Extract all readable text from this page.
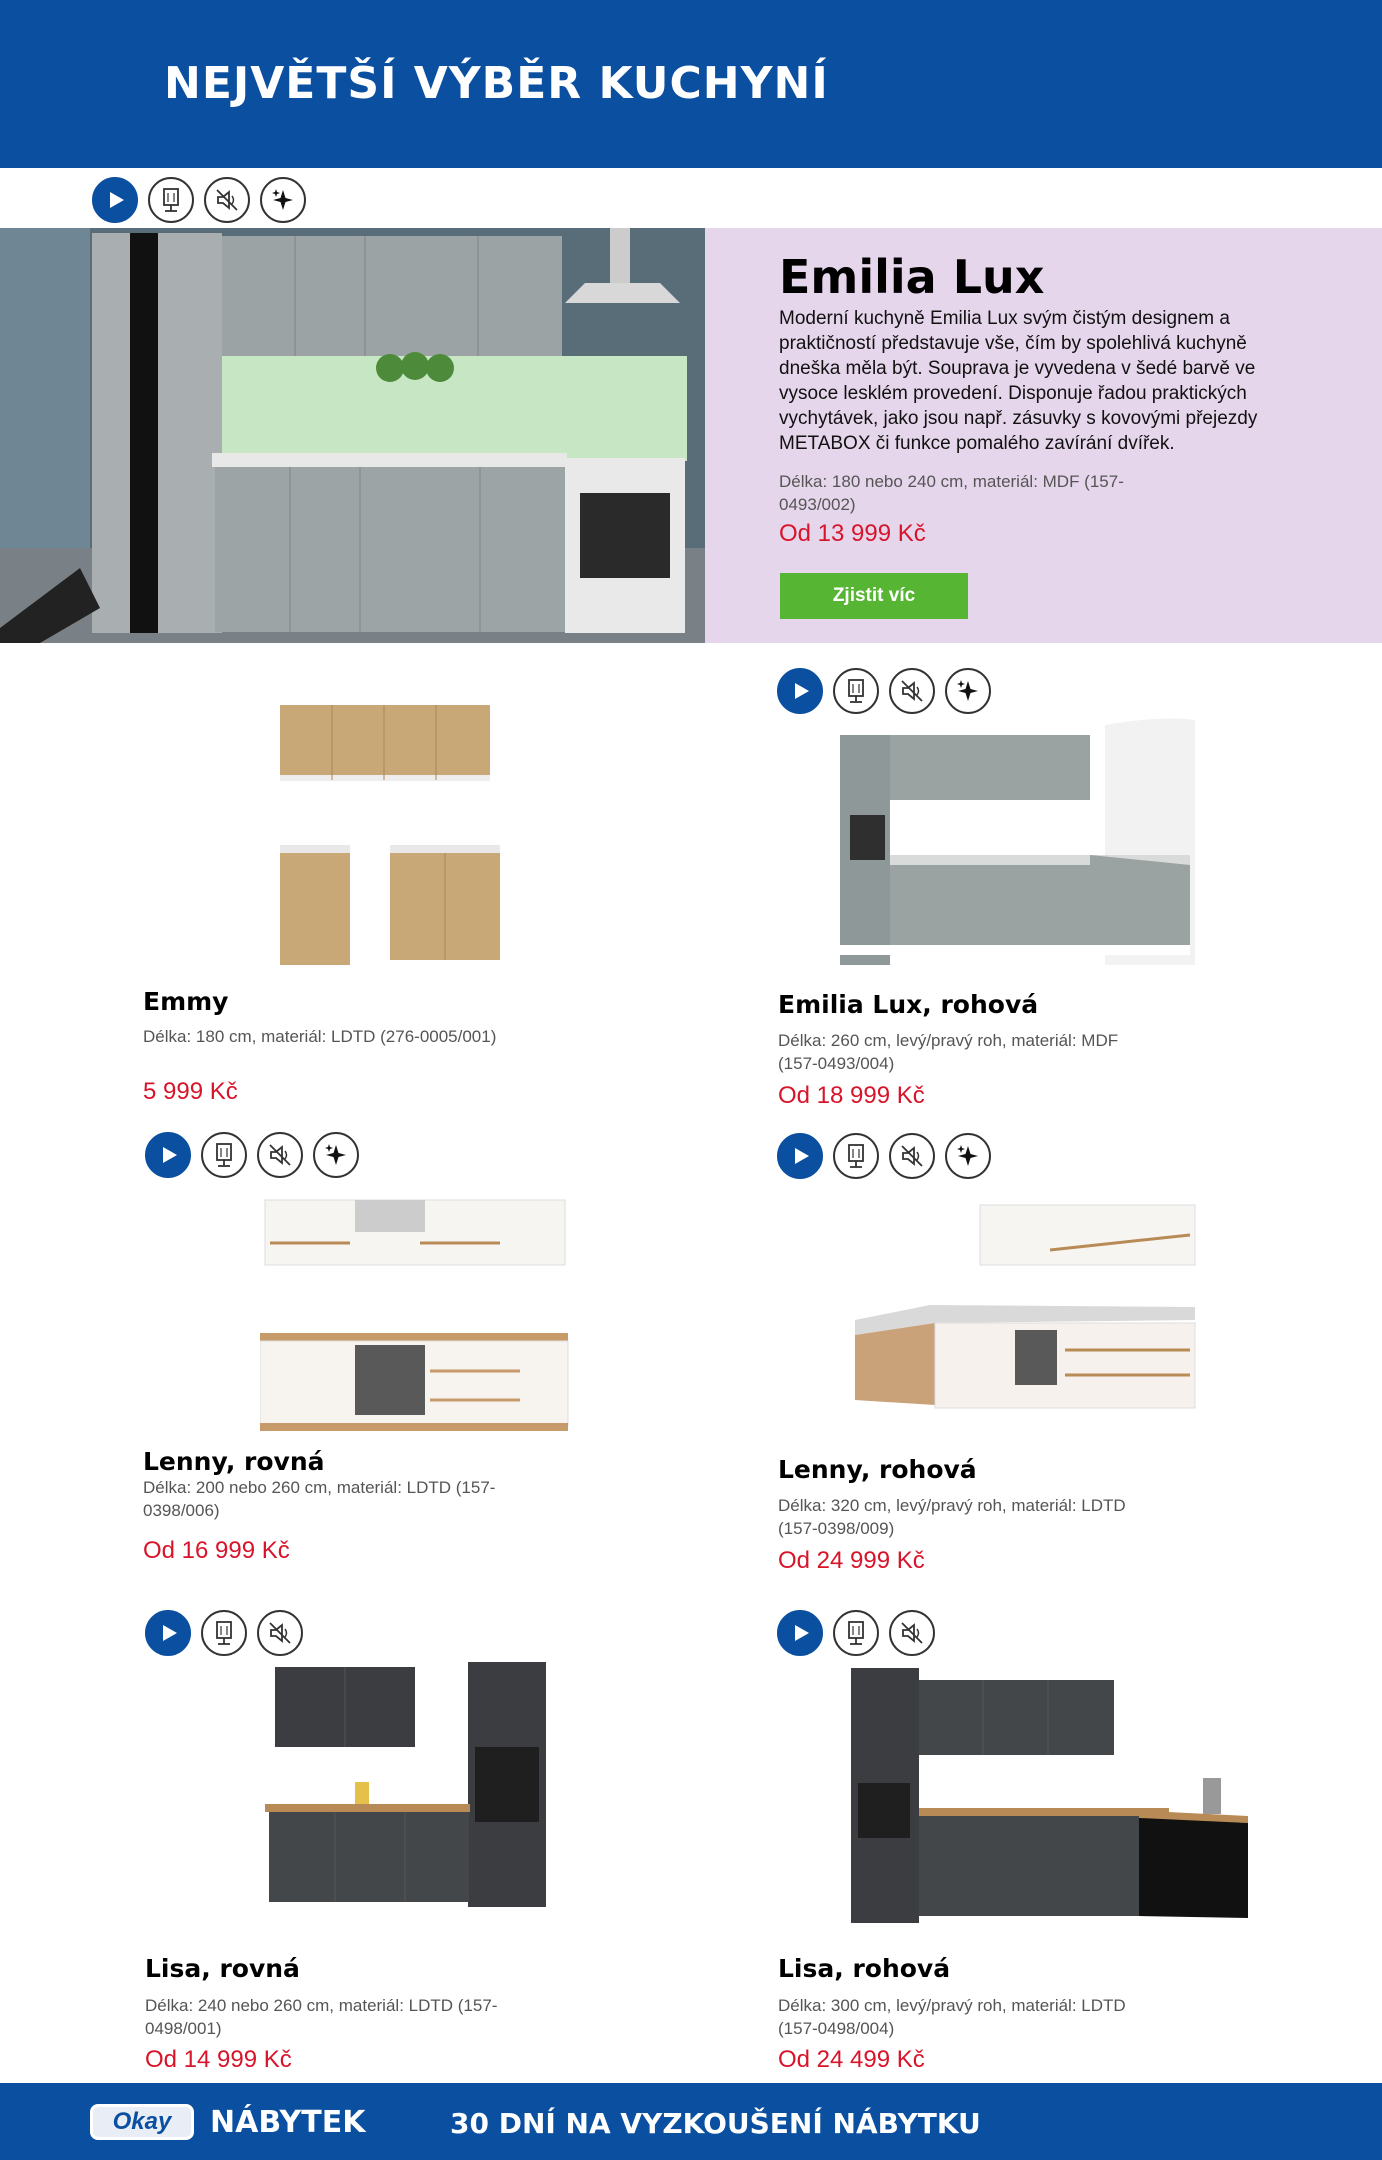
NEJVĚTŠÍ VÝBĚR KUCHYNÍ
Emilia Lux
Moderní kuchyně Emilia Lux svým čistým designem a praktičností představuje vše, čím by spolehlivá kuchyně dneška měla být. Souprava je vyvedena v šedé barvě ve vysoce lesklém provedení. Disponuje řadou praktických vychytávek, jako jsou např. zásuvky s kovovými přejezdy METABOX či funkce pomalého zavírání dvířek.
Délka: 180 nebo 240 cm, materiál: MDF (157-0493/002)
Od 13 999 Kč
Zjistit víc
Emmy
Délka: 180 cm, materiál: LDTD (276-0005/001)
5 999 Kč
Emilia Lux, rohová
Délka: 260 cm, levý/pravý roh, materiál: MDF (157-0493/004)
Od 18 999 Kč
Lenny, rovná
Délka: 200 nebo 260 cm, materiál: LDTD (157-0398/006)
Od 16 999 Kč
Lenny, rohová
Délka: 320 cm, levý/pravý roh, materiál: LDTD (157-0398/009)
Od 24 999 Kč
Lisa, rovná
Délka: 240 nebo 260 cm, materiál: LDTD (157-0498/001)
Od 14 999 Kč
Lisa, rohová
Délka: 300 cm, levý/pravý roh, materiál: LDTD (157-0498/004)
Od 24 499 Kč
Okay	NÁBYTEK	30 DNÍ NA VYZKOUŠENÍ NÁBYTKU
